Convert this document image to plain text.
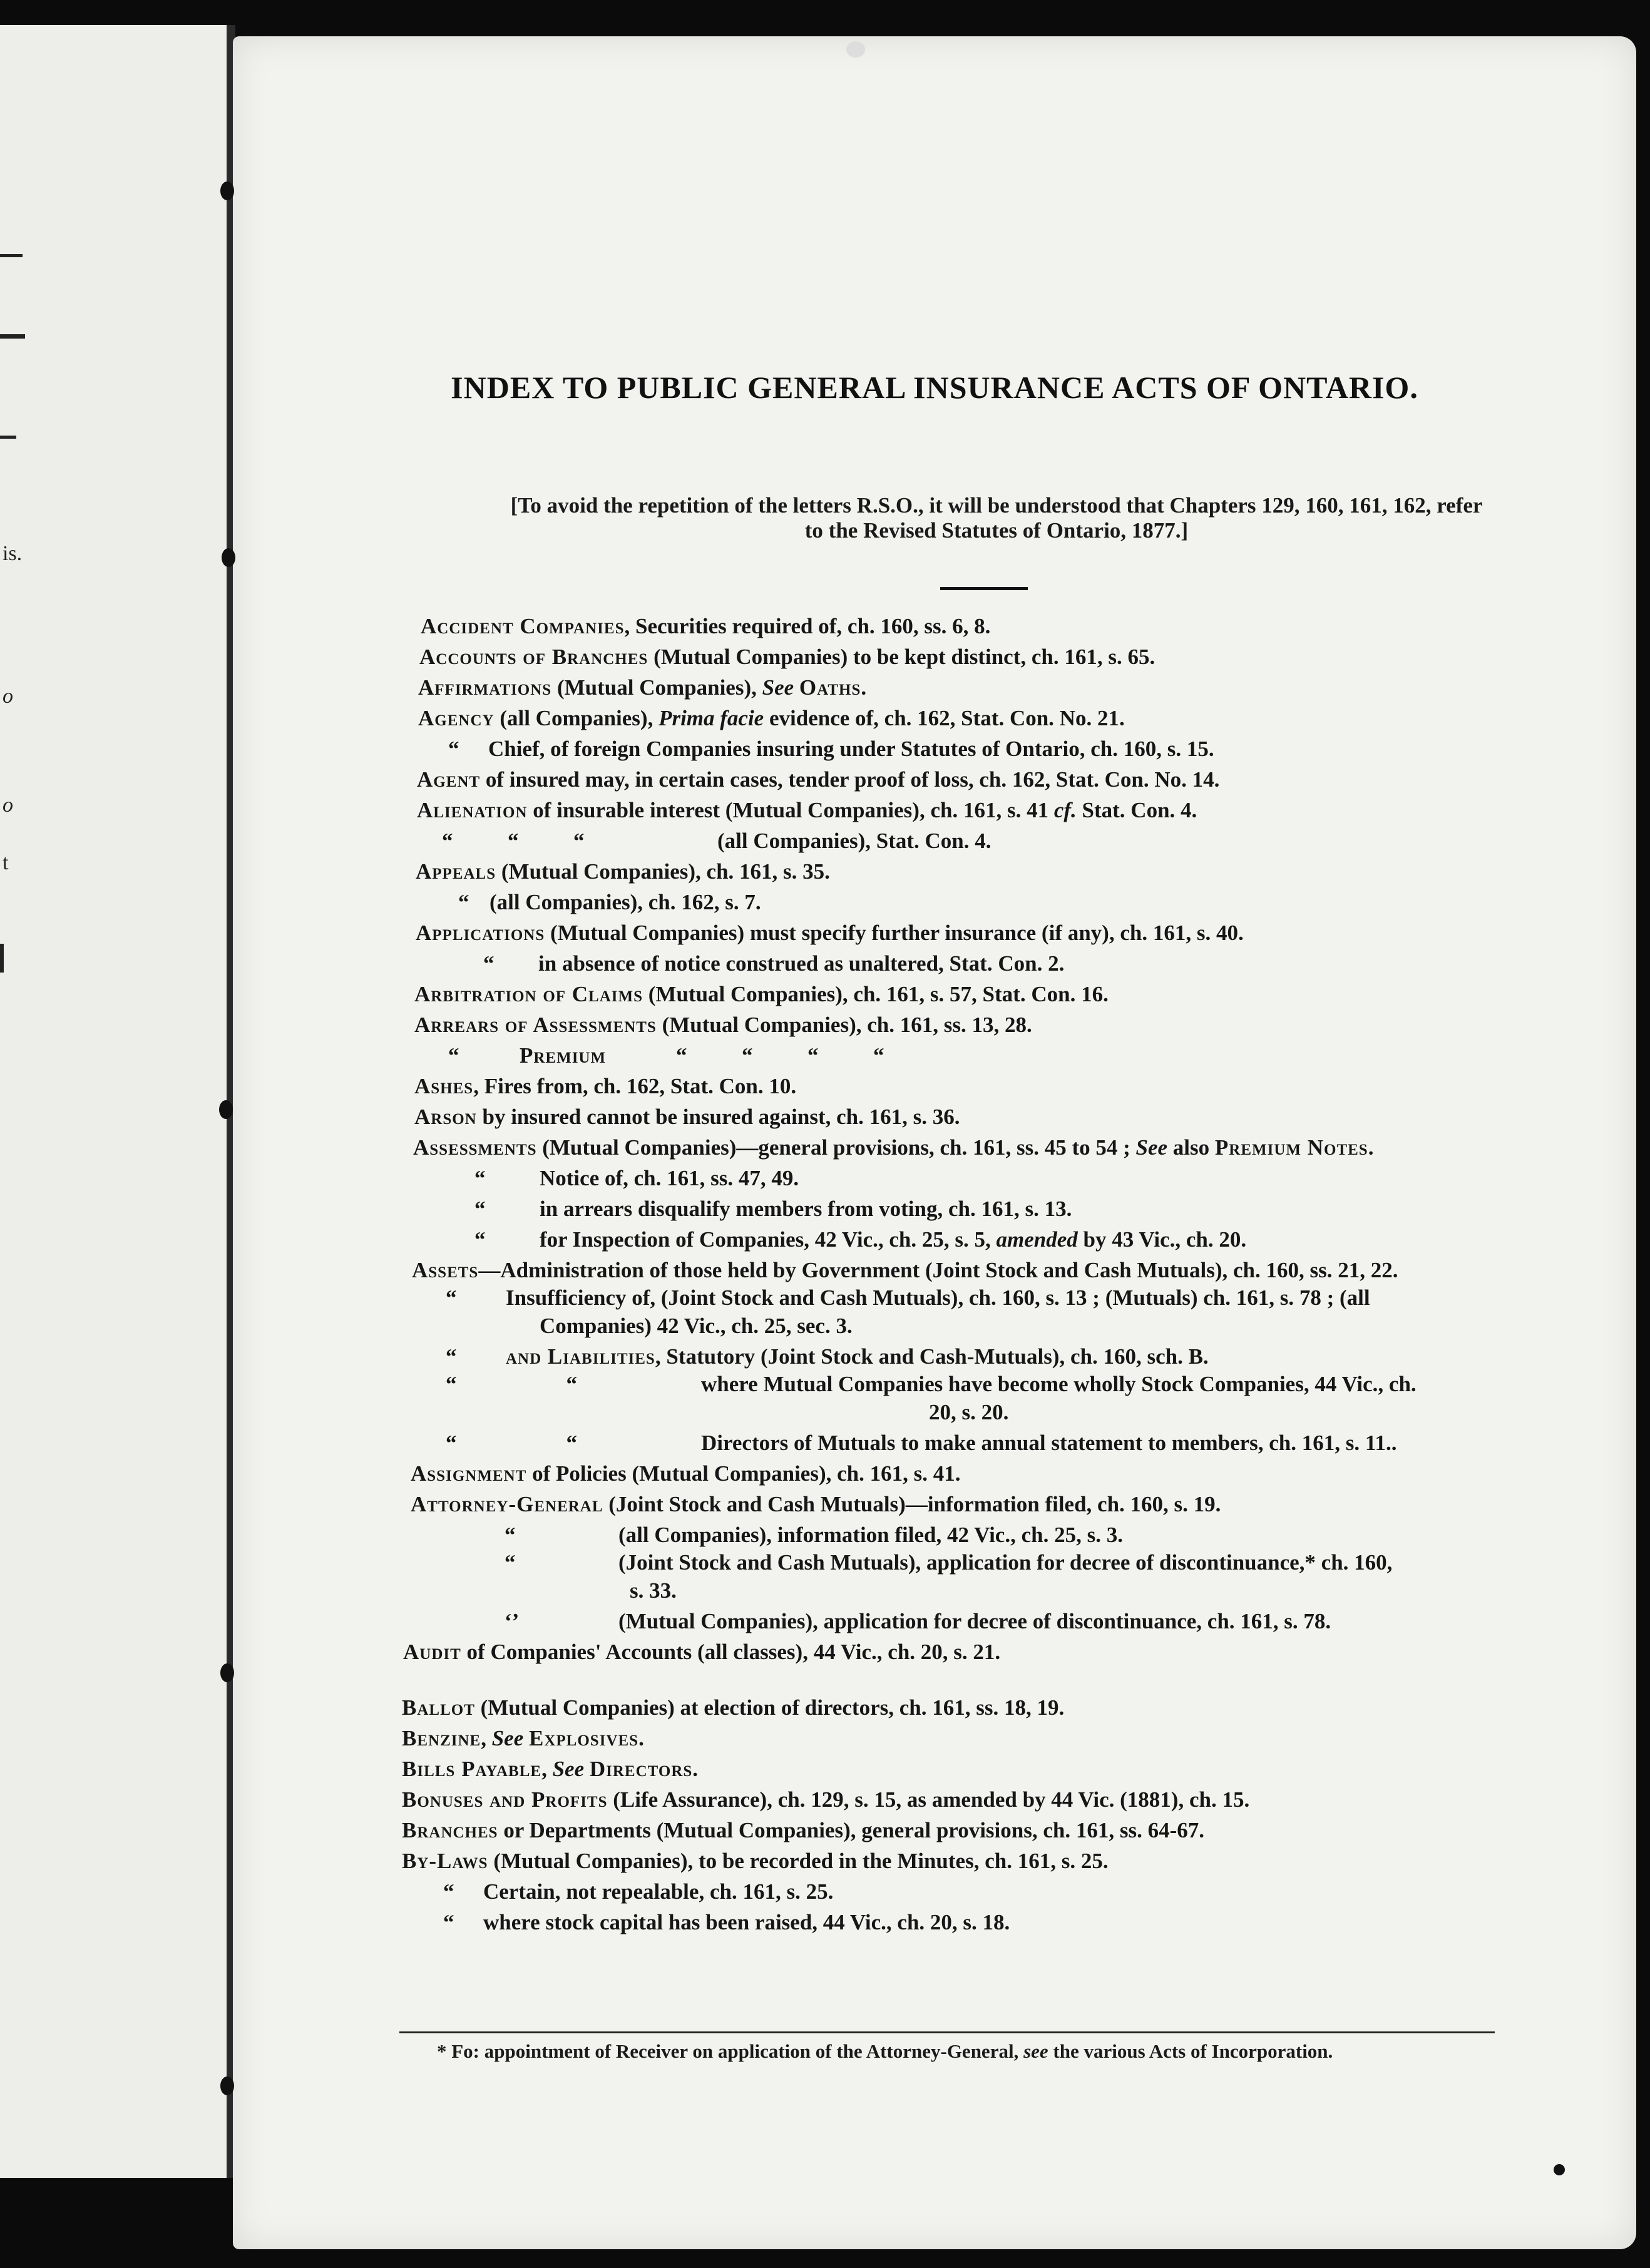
is.
o
o
t
INDEX TO PUBLIC GENERAL INSURANCE ACTS OF ONTARIO.
[To avoid the repetition of the letters R.S.O., it will be understood that Chapters 129, 160, 161, 162, refer
to the Revised Statutes of Ontario, 1877.]
Accident Companies, Securities required of, ch. 160, ss. 6, 8.
Accounts of Branches (Mutual Companies) to be kept distinct, ch. 161, s. 65.
Affirmations (Mutual Companies), See Oaths.
Agency (all Companies), Prima facie evidence of, ch. 162, Stat. Con. No. 21.
“ Chief, of foreign Companies insuring under Statutes of Ontario, ch. 160, s. 15.
Agent of insured may, in certain cases, tender proof of loss, ch. 162, Stat. Con. No. 14.
Alienation of insurable interest (Mutual Companies), ch. 161, s. 41 cf. Stat. Con. 4.
“          “          “	(all Companies), Stat. Con. 4.
Appeals (Mutual Companies), ch. 161, s. 35.
“ (all Companies), ch. 162, s. 7.
Applications (Mutual Companies) must specify further insurance (if any), ch. 161, s. 40.
“ in absence of notice construed as unaltered, Stat. Con. 2.
Arbitration of Claims (Mutual Companies), ch. 161, s. 57, Stat. Con. 16.
Arrears of Assessments (Mutual Companies), ch. 161, ss. 13, 28.
“	Premium	“          “          “          “
Ashes, Fires from, ch. 162, Stat. Con. 10.
Arson by insured cannot be insured against, ch. 161, s. 36.
Assessments (Mutual Companies)—general provisions, ch. 161, ss. 45 to 54 ; See also Premium Notes.
“ Notice of, ch. 161, ss. 47, 49.
“ in arrears disqualify members from voting, ch. 161, s. 13.
“ for Inspection of Companies, 42 Vic., ch. 25, s. 5, amended by 43 Vic., ch. 20.
Assets—Administration of those held by Government (Joint Stock and Cash Mutuals), ch. 160, ss. 21, 22.
“ Insufficiency of, (Joint Stock and Cash Mutuals), ch. 160, s. 13 ; (Mutuals) ch. 161, s. 78 ; (all
Companies) 42 Vic., ch. 25, sec. 3.
“ and Liabilities, Statutory (Joint Stock and Cash-Mutuals), ch. 160, sch. B.
“                    “	where Mutual Companies have become wholly Stock Companies, 44 Vic., ch.
20, s. 20.
“                    “	Directors of Mutuals to make annual statement to members, ch. 161, s. 11..
Assignment of Policies (Mutual Companies), ch. 161, s. 41.
Attorney-General (Joint Stock and Cash Mutuals)—information filed, ch. 160, s. 19.
“	(all Companies), information filed, 42 Vic., ch. 25, s. 3.
“	(Joint Stock and Cash Mutuals), application for decree of discontinuance,* ch. 160,
s. 33.
‘’	(Mutual Companies), application for decree of discontinuance, ch. 161, s. 78.
Audit of Companies' Accounts (all classes), 44 Vic., ch. 20, s. 21.
Ballot (Mutual Companies) at election of directors, ch. 161, ss. 18, 19.
Benzine, See Explosives.
Bills Payable, See Directors.
Bonuses and Profits (Life Assurance), ch. 129, s. 15, as amended by 44 Vic. (1881), ch. 15.
Branches or Departments (Mutual Companies), general provisions, ch. 161, ss. 64-67.
By-Laws (Mutual Companies), to be recorded in the Minutes, ch. 161, s. 25.
“ Certain, not repealable, ch. 161, s. 25.
“ where stock capital has been raised, 44 Vic., ch. 20, s. 18.
* Fo: appointment of Receiver on application of the Attorney-General, see the various Acts of Incorporation.
